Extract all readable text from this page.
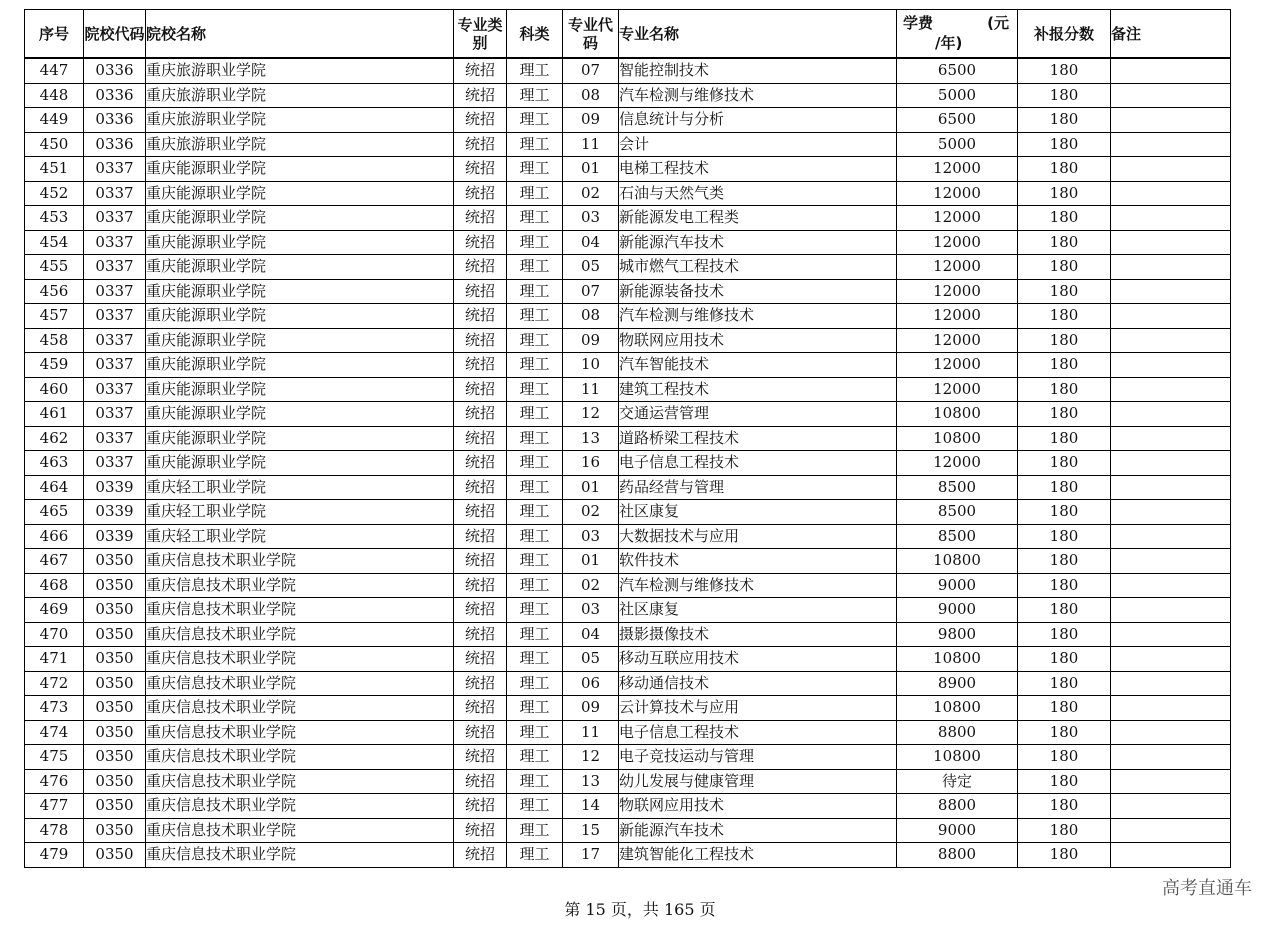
序号	院校代码	院校名称	专业类别	科类	专业代码	专业名称	学费 (元
/年)	补报分数	备注
447	0336	重庆旅游职业学院	统招	理工	07	智能控制技术	6500	180	
448	0336	重庆旅游职业学院	统招	理工	08	汽车检测与维修技术	5000	180	
449	0336	重庆旅游职业学院	统招	理工	09	信息统计与分析	6500	180	
450	0336	重庆旅游职业学院	统招	理工	11	会计	5000	180	
451	0337	重庆能源职业学院	统招	理工	01	电梯工程技术	12000	180	
452	0337	重庆能源职业学院	统招	理工	02	石油与天然气类	12000	180	
453	0337	重庆能源职业学院	统招	理工	03	新能源发电工程类	12000	180	
454	0337	重庆能源职业学院	统招	理工	04	新能源汽车技术	12000	180	
455	0337	重庆能源职业学院	统招	理工	05	城市燃气工程技术	12000	180	
456	0337	重庆能源职业学院	统招	理工	07	新能源装备技术	12000	180	
457	0337	重庆能源职业学院	统招	理工	08	汽车检测与维修技术	12000	180	
458	0337	重庆能源职业学院	统招	理工	09	物联网应用技术	12000	180	
459	0337	重庆能源职业学院	统招	理工	10	汽车智能技术	12000	180	
460	0337	重庆能源职业学院	统招	理工	11	建筑工程技术	12000	180	
461	0337	重庆能源职业学院	统招	理工	12	交通运营管理	10800	180	
462	0337	重庆能源职业学院	统招	理工	13	道路桥梁工程技术	10800	180	
463	0337	重庆能源职业学院	统招	理工	16	电子信息工程技术	12000	180	
464	0339	重庆轻工职业学院	统招	理工	01	药品经营与管理	8500	180	
465	0339	重庆轻工职业学院	统招	理工	02	社区康复	8500	180	
466	0339	重庆轻工职业学院	统招	理工	03	大数据技术与应用	8500	180	
467	0350	重庆信息技术职业学院	统招	理工	01	软件技术	10800	180	
468	0350	重庆信息技术职业学院	统招	理工	02	汽车检测与维修技术	9000	180	
469	0350	重庆信息技术职业学院	统招	理工	03	社区康复	9000	180	
470	0350	重庆信息技术职业学院	统招	理工	04	摄影摄像技术	9800	180	
471	0350	重庆信息技术职业学院	统招	理工	05	移动互联应用技术	10800	180	
472	0350	重庆信息技术职业学院	统招	理工	06	移动通信技术	8900	180	
473	0350	重庆信息技术职业学院	统招	理工	09	云计算技术与应用	10800	180	
474	0350	重庆信息技术职业学院	统招	理工	11	电子信息工程技术	8800	180	
475	0350	重庆信息技术职业学院	统招	理工	12	电子竞技运动与管理	10800	180	
476	0350	重庆信息技术职业学院	统招	理工	13	幼儿发展与健康管理	待定	180	
477	0350	重庆信息技术职业学院	统招	理工	14	物联网应用技术	8800	180	
478	0350	重庆信息技术职业学院	统招	理工	15	新能源汽车技术	9000	180	
479	0350	重庆信息技术职业学院	统招	理工	17	建筑智能化工程技术	8800	180	
第 15 页，共 165 页
高考直通车
